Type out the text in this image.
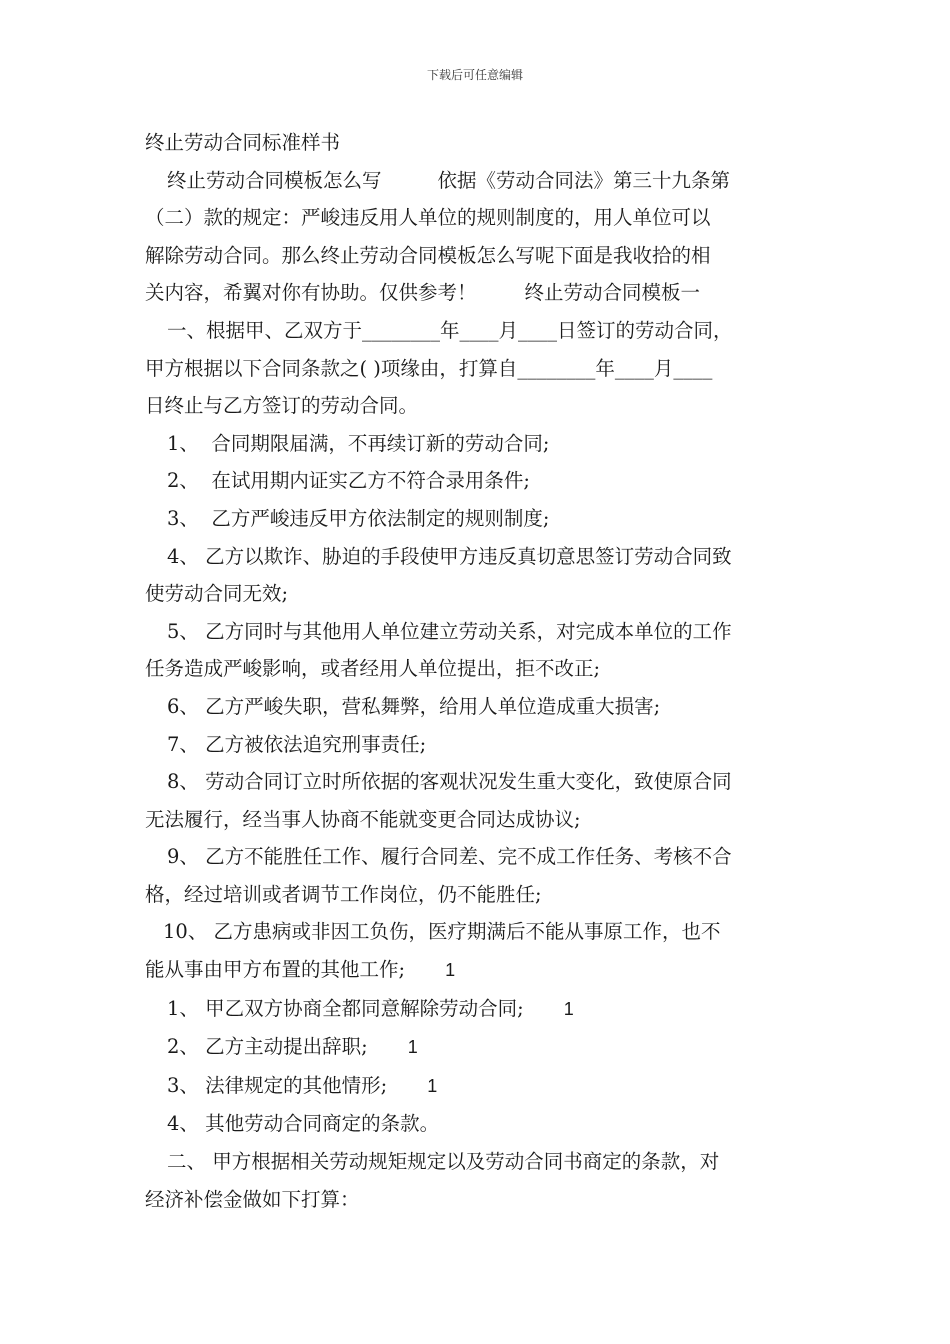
下载后可任意编辑
终止劳动合同标准样书
终止劳动合同模板怎么写	依据《劳动合同法》第三十九条第
（二）款的规定：严峻违反用人单位的规则制度的，用人单位可以
解除劳动合同。那么终止劳动合同模板怎么写呢下面是我收拾的相
关内容，希翼对你有协助。仅供参考！ 终止劳动合同模板一
一、根据甲、乙双方于________年____月____日签订的劳动合同，
甲方根据以下合同条款之( )项缘由，打算自________年____月____
日终止与乙方签订的劳动合同。
1、 合同期限届满，不再续订新的劳动合同;
2、 在试用期内证实乙方不符合录用条件;
3、 乙方严峻违反甲方依法制定的规则制度;
4、 乙方以欺诈、胁迫的手段使甲方违反真切意思签订劳动合同致
使劳动合同无效;
5、 乙方同时与其他用人单位建立劳动关系，对完成本单位的工作
任务造成严峻影响，或者经用人单位提出，拒不改正;
6、 乙方严峻失职，营私舞弊，给用人单位造成重大损害;
7、 乙方被依法追究刑事责任;
8、 劳动合同订立时所依据的客观状况发生重大变化，致使原合同
无法履行，经当事人协商不能就变更合同达成协议;
9、 乙方不能胜任工作、履行合同差、完不成工作任务、考核不合
格，经过培训或者调节工作岗位，仍不能胜任;
10、 乙方患病或非因工负伤，医疗期满后不能从事原工作，也不
能从事由甲方布置的其他工作; 1
1、 甲乙双方协商全都同意解除劳动合同; 1
2、 乙方主动提出辞职; 1
3、 法律规定的其他情形; 1
4、 其他劳动合同商定的条款。
二、 甲方根据相关劳动规矩规定以及劳动合同书商定的条款，对
经济补偿金做如下打算：
